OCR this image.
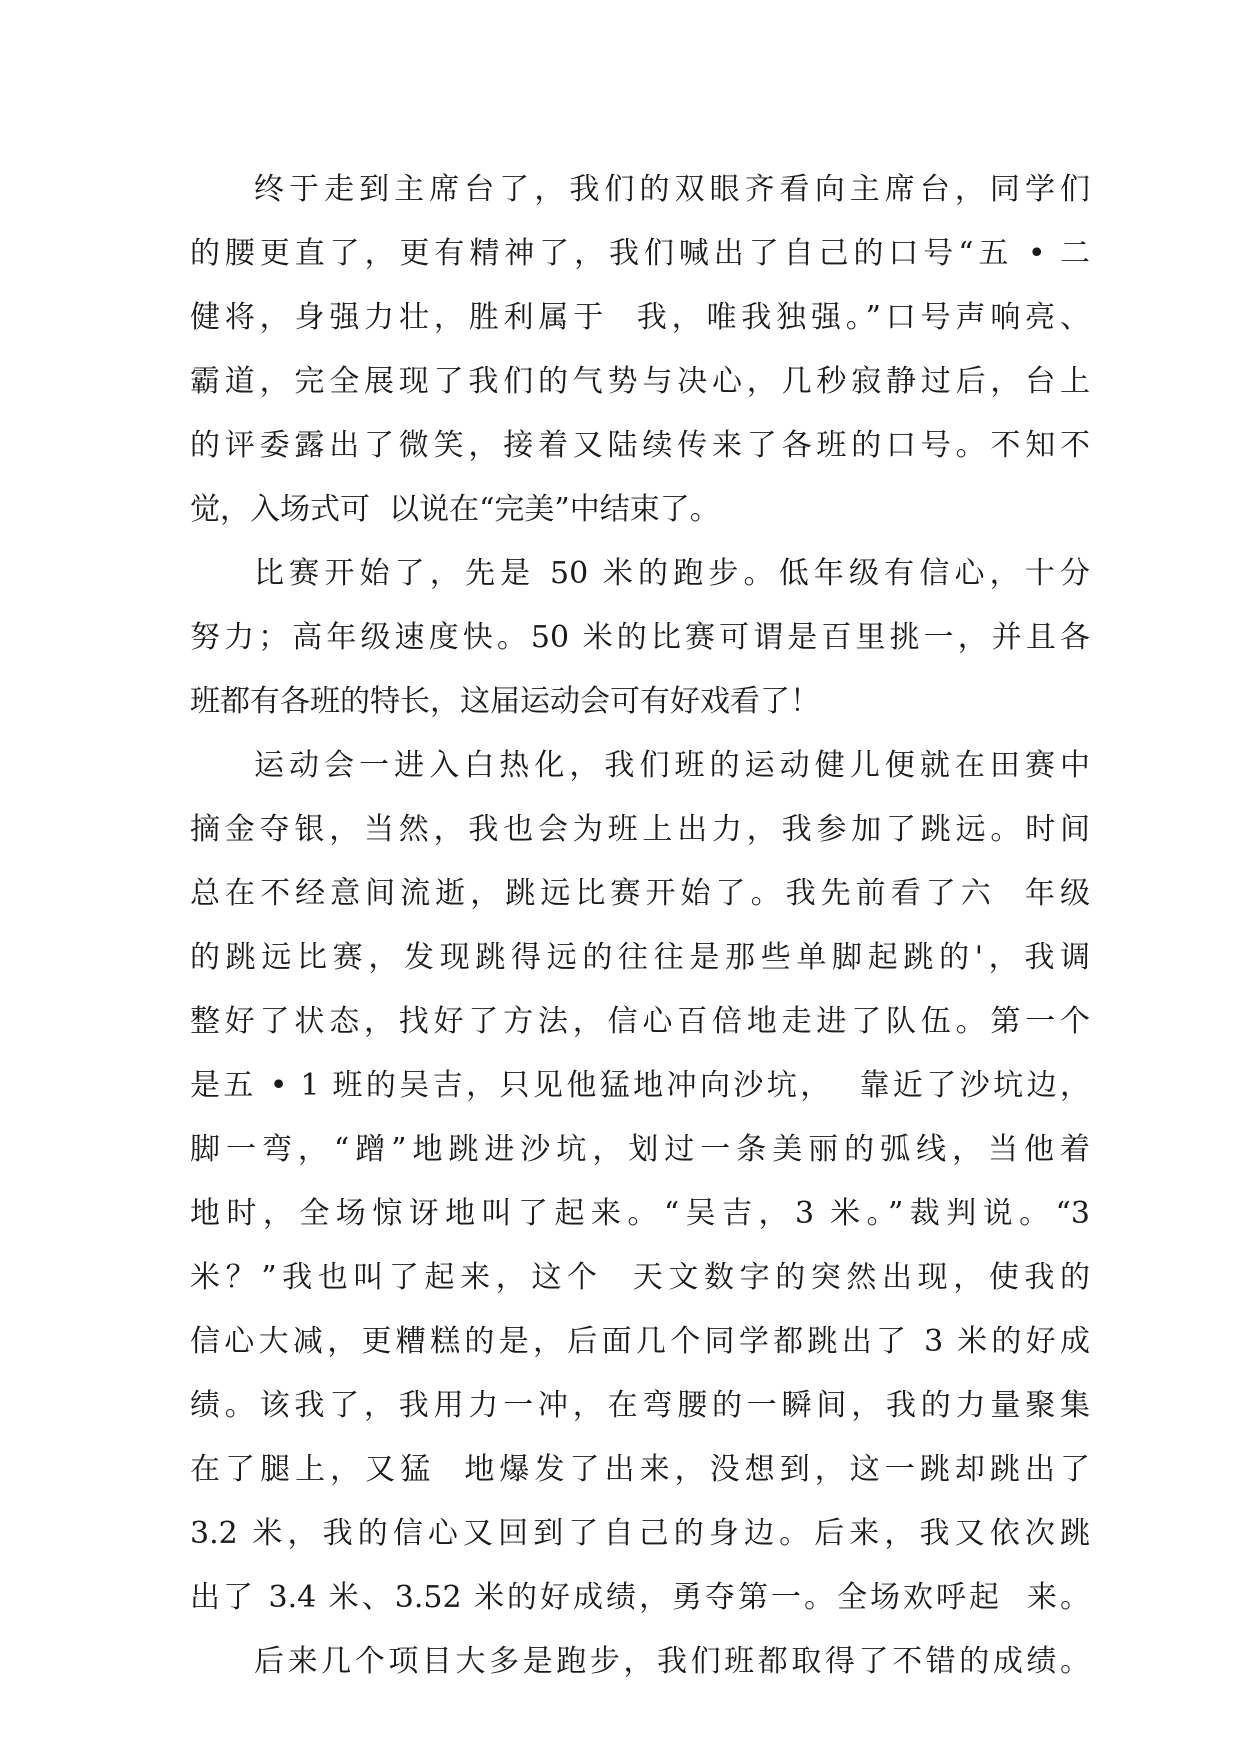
终于走到主席台了，我们的双眼齐看向主席台，同学们
的腰更直了，更有精神了，我们喊出了自己的口号“五 • 二
健将，身强力壮，胜利属于  我，唯我独强。”口号声响亮、
霸道，完全展现了我们的气势与决心，几秒寂静过后，台上
的评委露出了微笑，接着又陆续传来了各班的口号。不知不
觉，入场式可  以说在“完美”中结束了。
比赛开始了，先是 50 米的跑步。低年级有信心，十分
努力；高年级速度快。50 米的比赛可谓是百里挑一，并且各
班都有各班的特长，这届运动会可有好戏看了！
运动会一进入白热化，我们班的运动健儿便就在田赛中
摘金夺银，当然，我也会为班上出力，我参加了跳远。时间
总在不经意间流逝，跳远比赛开始了。我先前看了六  年级
的跳远比赛，发现跳得远的往往是那些单脚起跳的'，我调
整好了状态，找好了方法，信心百倍地走进了队伍。第一个
是五 • 1 班的吴吉，只见他猛地冲向沙坑，  靠近了沙坑边，
脚一弯，“蹭”地跳进沙坑，划过一条美丽的弧线，当他着
地时，全场惊讶地叫了起来。“吴吉，3 米。”裁判说。“3
米？”我也叫了起来，这个  天文数字的突然出现，使我的
信心大减，更糟糕的是，后面几个同学都跳出了 3 米的好成
绩。该我了，我用力一冲，在弯腰的一瞬间，我的力量聚集
在了腿上，又猛  地爆发了出来，没想到，这一跳却跳出了
3.2 米，我的信心又回到了自己的身边。后来，我又依次跳
出了 3.4 米、3.52 米的好成绩，勇夺第一。全场欢呼起  来。
后来几个项目大多是跑步，我们班都取得了不错的成绩。
